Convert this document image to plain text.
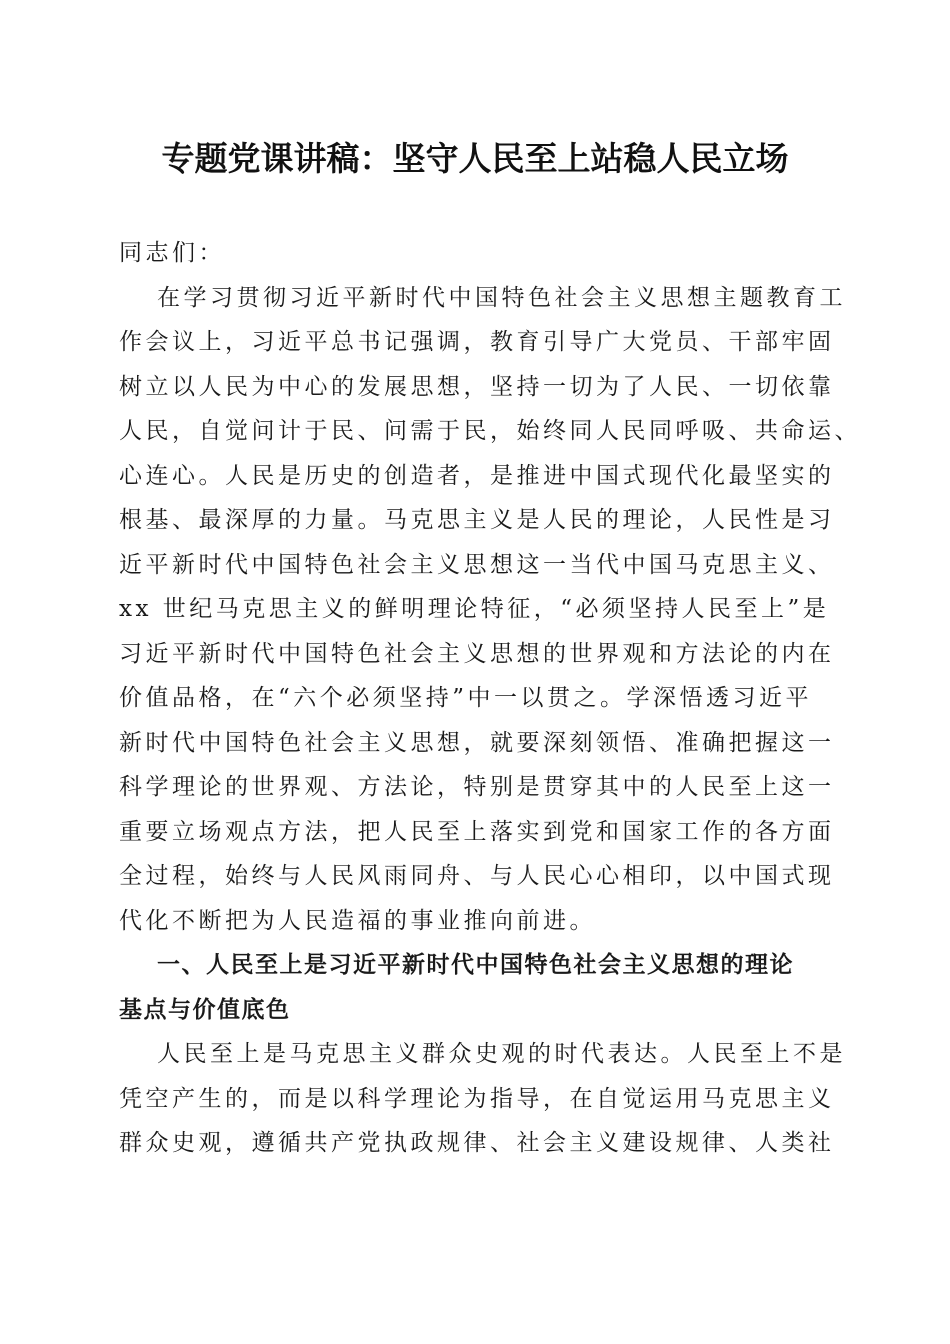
专题党课讲稿：坚守人民至上站稳人民立场
同志们：
在学习贯彻习近平新时代中国特色社会主义思想主题教育工
作会议上，习近平总书记强调，教育引导广大党员、干部牢固
树立以人民为中心的发展思想，坚持一切为了人民、一切依靠
人民，自觉问计于民、问需于民，始终同人民同呼吸、共命运、
心连心。人民是历史的创造者，是推进中国式现代化最坚实的
根基、最深厚的力量。马克思主义是人民的理论，人民性是习
近平新时代中国特色社会主义思想这一当代中国马克思主义、
xx 世纪马克思主义的鲜明理论特征，“必须坚持人民至上”是
习近平新时代中国特色社会主义思想的世界观和方法论的内在
价值品格，在“六个必须坚持”中一以贯之。学深悟透习近平
新时代中国特色社会主义思想，就要深刻领悟、准确把握这一
科学理论的世界观、方法论，特别是贯穿其中的人民至上这一
重要立场观点方法，把人民至上落实到党和国家工作的各方面
全过程，始终与人民风雨同舟、与人民心心相印，以中国式现
代化不断把为人民造福的事业推向前进。
一、人民至上是习近平新时代中国特色社会主义思想的理论
基点与价值底色
人民至上是马克思主义群众史观的时代表达。人民至上不是
凭空产生的，而是以科学理论为指导，在自觉运用马克思主义
群众史观，遵循共产党执政规律、社会主义建设规律、人类社
